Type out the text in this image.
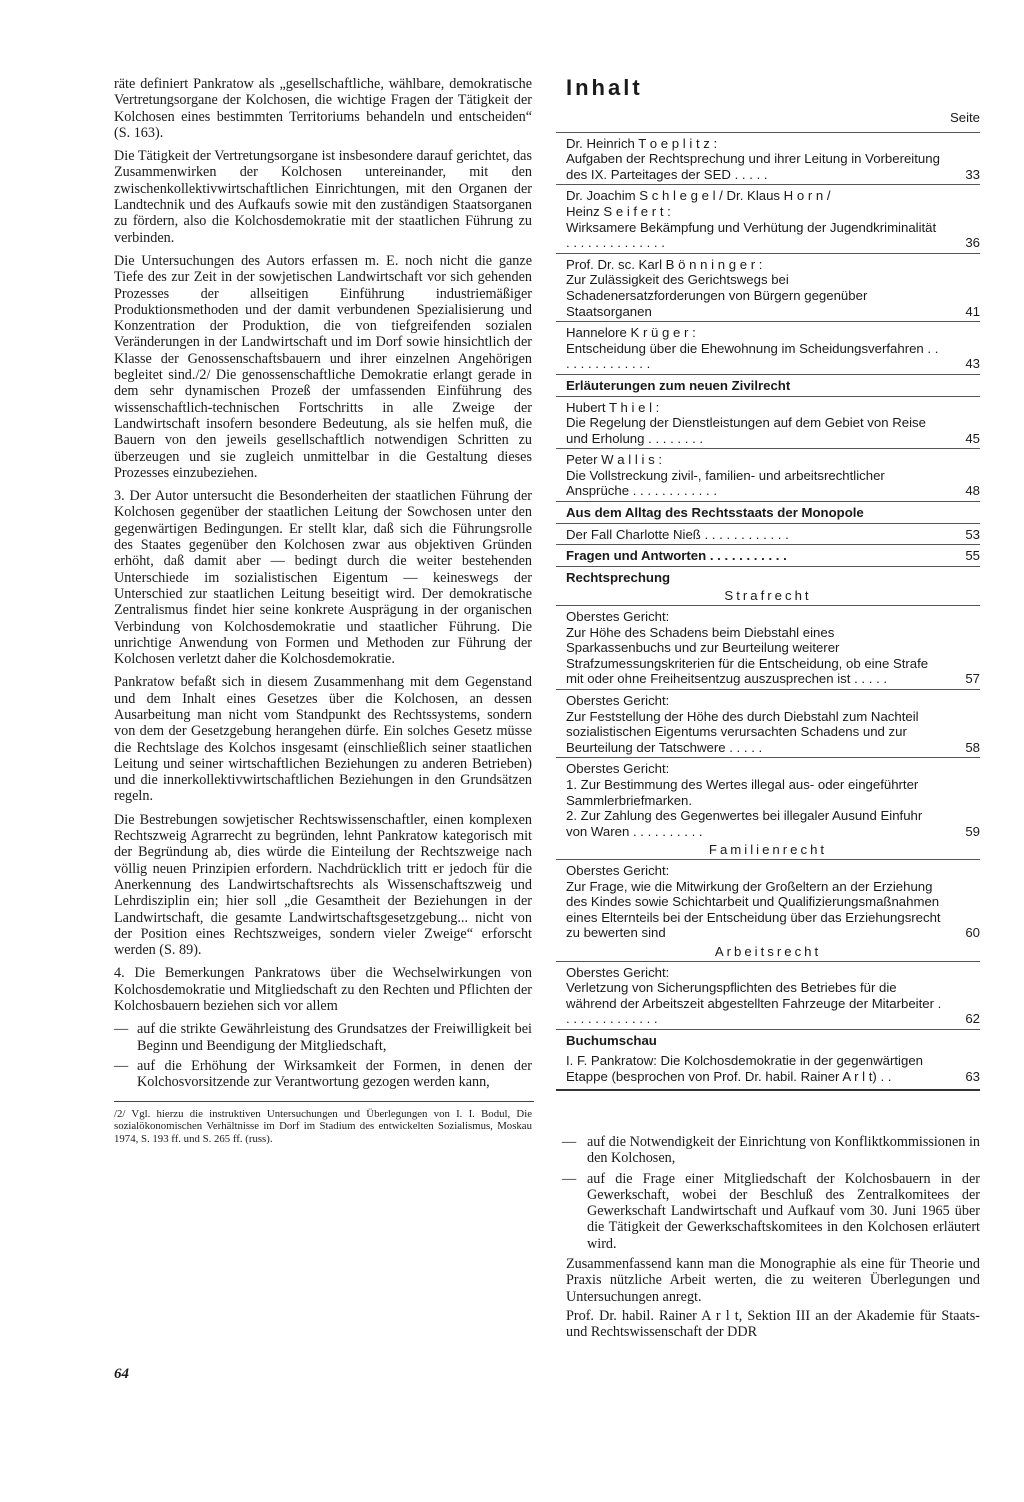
räte definiert Pankratow als „gesellschaftliche, wählbare, demokratische Vertretungsorgane der Kolchosen, die wichtige Fragen der Tätigkeit der Kolchosen eines bestimmten Territoriums behandeln und entscheiden“ (S. 163).

Die Tätigkeit der Vertretungsorgane ist insbesondere darauf gerichtet, das Zusammenwirken der Kolchosen untereinander, mit den zwischenkollektivwirtschaftlichen Einrichtungen, mit den Organen der Landtechnik und des Aufkaufs sowie mit den zuständigen Staatsorganen zu fördern, also die Kolchosdemokratie mit der staatlichen Führung zu verbinden.

Die Untersuchungen des Autors erfassen m. E. noch nicht die ganze Tiefe des zur Zeit in der sowjetischen Landwirtschaft vor sich gehenden Prozesses der allseitigen Einführung industriemäßiger Produktionsmethoden und der damit verbundenen Spezialisierung und Konzentration der Produktion, die von tiefgreifenden sozialen Veränderungen in der Landwirtschaft und im Dorf sowie hinsichtlich der Klasse der Genossenschaftsbauern und ihrer einzelnen Angehörigen begleitet sind./2/ Die genossenschaftliche Demokratie erlangt gerade in dem sehr dynamischen Prozeß der umfassenden Einführung des wissenschaftlich-technischen Fortschritts in alle Zweige der Landwirtschaft insofern besondere Bedeutung, als sie helfen muß, die Bauern von den jeweils gesellschaftlich notwendigen Schritten zu überzeugen und sie zugleich unmittelbar in die Gestaltung dieses Prozesses einzubeziehen.

3. Der Autor untersucht die Besonderheiten der staatlichen Führung der Kolchosen gegenüber der staatlichen Leitung der Sowchosen unter den gegenwärtigen Bedingungen. Er stellt klar, daß sich die Führungsrolle des Staates gegenüber den Kolchosen zwar aus objektiven Gründen erhöht, daß damit aber — bedingt durch die weiter bestehenden Unterschiede im sozialistischen Eigentum — keineswegs der Unterschied zur staatlichen Leitung beseitigt wird. Der demokratische Zentralismus findet hier seine konkrete Ausprägung in der organischen Verbindung von Kolchosdemokratie und staatlicher Führung. Die unrichtige Anwendung von Formen und Methoden zur Führung der Kolchosen verletzt daher die Kolchosdemokratie.

Pankratow befaßt sich in diesem Zusammenhang mit dem Gegenstand und dem Inhalt eines Gesetzes über die Kolchosen, an dessen Ausarbeitung man nicht vom Standpunkt des Rechtssystems, sondern von dem der Gesetzgebung herangehen dürfe. Ein solches Gesetz müsse die Rechtslage des Kolchos insgesamt (einschließlich seiner staatlichen Leitung und seiner wirtschaftlichen Beziehungen zu anderen Betrieben) und die innerkollektivwirtschaftlichen Beziehungen in den Grundsätzen regeln.

Die Bestrebungen sowjetischer Rechtswissenschaftler, einen komplexen Rechtszweig Agrarrecht zu begründen, lehnt Pankratow kategorisch mit der Begründung ab, dies würde die Einteilung der Rechtszweige nach völlig neuen Prinzipien erfordern. Nachdrücklich tritt er jedoch für die Anerkennung des Landwirtschaftsrechts als Wissenschaftszweig und Lehrdisziplin ein; hier soll „die Gesamtheit der Beziehungen in der Landwirtschaft, die gesamte Landwirtschaftsgesetzgebung... nicht von der Position eines Rechtszweiges, sondern vieler Zweige“ erforscht werden (S. 89).

4. Die Bemerkungen Pankratows über die Wechselwirkungen von Kolchosdemokratie und Mitgliedschaft zu den Rechten und Pflichten der Kolchosbauern beziehen sich vor allem

— auf die strikte Gewährleistung des Grundsatzes der Freiwilligkeit bei Beginn und Beendigung der Mitgliedschaft,
— auf die Erhöhung der Wirksamkeit der Formen, in denen der Kolchosvorsitzende zur Verantwortung gezogen werden kann,

/2/ Vgl. hierzu die instruktiven Untersuchungen und Überlegungen von I. I. Bodul, Die sozialökonomischen Verhältnisse im Dorf im Stadium des entwickelten Sozialismus, Moskau 1974, S. 193 ff. und S. 265 ff. (russ).

64
Inhalt
Seite
Dr. Heinrich T o e p l i t z :
Aufgaben der Rechtsprechung und ihrer Leitung in Vorbereitung des IX. Parteitages der SED . . . . .	33
Dr. Joachim S c h l e g e l / Dr. Klaus H o r n /
Heinz S e i f e r t :
Wirksamere Bekämpfung und Verhütung der Jugendkriminalität . . . . . . . . . . . . . .	36
Prof. Dr. sc. Karl B ö n n i n g e r :
Zur Zulässigkeit des Gerichtswegs bei Schadenersatzforderungen von Bürgern gegenüber Staatsorganen	41
Hannelore K r ü g e r :
Entscheidung über die Ehewohnung im Scheidungsverfahren . . . . . . . . . . . . . .	43
Erläuterungen zum neuen Zivilrecht
Hubert T h i e l :
Die Regelung der Dienstleistungen auf dem Gebiet von Reise und Erholung . . . . . . . .	45
Peter W a l l i s :
Die Vollstreckung zivil-, familien- und arbeitsrechtlicher Ansprüche . . . . . . . . . . . .	48
Aus dem Alltag des Rechtsstaats der Monopole
Der Fall Charlotte Nieß . . . . . . . . . . . .	53
Fragen und Antworten . . . . . . . . . . .	55
Rechtsprechung
Strafrecht
Oberstes Gericht:
Zur Höhe des Schadens beim Diebstahl eines Sparkassenbuchs und zur Beurteilung weiterer Strafzumessungskriterien für die Entscheidung, ob eine Strafe mit oder ohne Freiheitsentzug auszusprechen ist . . . . .	57
Oberstes Gericht:
Zur Feststellung der Höhe des durch Diebstahl zum Nachteil sozialistischen Eigentums verursachten Schadens und zur Beurteilung der Tatschwere . . . . .	58
Oberstes Gericht:
1. Zur Bestimmung des Wertes illegal aus- oder eingeführter Sammlerbriefmarken.
2. Zur Zahlung des Gegenwertes bei illegaler Ausund Einfuhr von Waren . . . . . . . . . .	59
Familienrecht
Oberstes Gericht:
Zur Frage, wie die Mitwirkung der Großeltern an der Erziehung des Kindes sowie Schichtarbeit und Qualifizierungsmaßnahmen eines Elternteils bei der Entscheidung über das Erziehungsrecht zu bewerten sind	60
Arbeitsrecht
Oberstes Gericht:
Verletzung von Sicherungspflichten des Betriebes für die während der Arbeitszeit abgestellten Fahrzeuge der Mitarbeiter . . . . . . . . . . . . . .	62
Buchumschau
I. F. Pankratow: Die Kolchosdemokratie in der gegenwärtigen Etappe (besprochen von Prof. Dr. habil. Rainer A r l t) . .	63
— auf die Notwendigkeit der Einrichtung von Konfliktkommissionen in den Kolchosen,
— auf die Frage einer Mitgliedschaft der Kolchosbauern in der Gewerkschaft, wobei der Beschluß des Zentralkomitees der Gewerkschaft Landwirtschaft und Aufkauf vom 30. Juni 1965 über die Tätigkeit der Gewerkschaftskomitees in den Kolchosen erläutert wird.

Zusammenfassend kann man die Monographie als eine für Theorie und Praxis nützliche Arbeit werten, die zu weiteren Überlegungen und Untersuchungen anregt.

Prof. Dr. habil. Rainer A r l t, Sektion III an der Akademie für Staats- und Rechtswissenschaft der DDR
